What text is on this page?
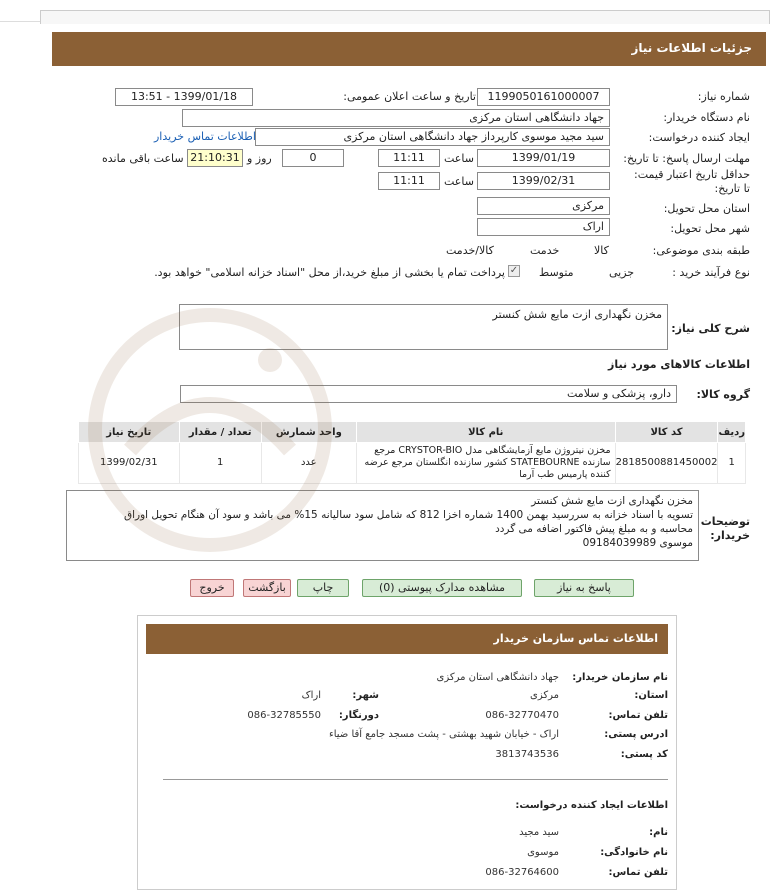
جزئیات اطلاعات نیاز
شماره نیاز:
1199050161000007
تاریخ و ساعت اعلان عمومی:
1399/01/18 - 13:51
نام دستگاه خریدار:
جهاد دانشگاهی استان مرکزی
ایجاد کننده درخواست:
سید مجید موسوی کارپرداز جهاد دانشگاهی استان مرکزی
اطلاعات تماس خریدار
مهلت ارسال پاسخ: تا تاریخ:
1399/01/19
ساعت
11:11
0
روز و
21:10:31
ساعت باقی مانده
حداقل تاریخ اعتبار قیمت: تا تاریخ:
1399/02/31
ساعت
11:11
استان محل تحویل:
مرکزی
شهر محل تحویل:
اراک
طبقه بندی موضوعی:

کالا

خدمت

کالا/خدمت
نوع فرآیند خرید :

جزیی
متوسط
✓
پرداخت تمام یا بخشی از مبلغ خرید،از محل "اسناد خزانه اسلامی" خواهد بود.
شرح کلی نیاز:
مخزن نگهداری ازت مایع شش کنستر
اطلاعات کالاهای مورد نیاز
گروه کالا:
دارو، پزشکی و سلامت
ردیف	کد کالا	نام کالا	واحد شمارش	تعداد / مقدار	تاریخ نیاز
1	2818500881450002	مخزن نیتروژن مایع آزمایشگاهی مدل CRYSTOR-BIO مرجع سازنده STATEBOURNE کشور سازنده انگلستان مرجع عرضه کننده پارمیس طب آرما	عدد	1	1399/02/31
توضیحات خریدار:
مخزن نگهداری ازت مایع شش کنستر
تسویه با اسناد خزانه به سررسید بهمن 1400 شماره اخزا 812 که شامل سود سالیانه 15% می باشد و سود آن هنگام تحویل اوراق
محاسبه و به مبلغ پیش فاکتور اضافه می گردد
موسوی 09184039989
پاسخ به نیاز
مشاهده مدارک پیوستی (0)
چاپ
بازگشت
خروج
اطلاعات تماس سازمان خریدار
نام سازمان خریدار:
جهاد دانشگاهی استان مرکزی
استان:
مرکزی
شهر:
اراک
تلفن تماس:
086-32770470
دورنگار:
086-32785550
ادرس پستی:
اراک - خیابان شهید بهشتی - پشت مسجد جامع آقا ضیاء
کد پستی:
3813743536
اطلاعات ایجاد کننده درخواست:
نام:
سید مجید
نام خانوادگی:
موسوی
تلفن تماس:
086-32764600
